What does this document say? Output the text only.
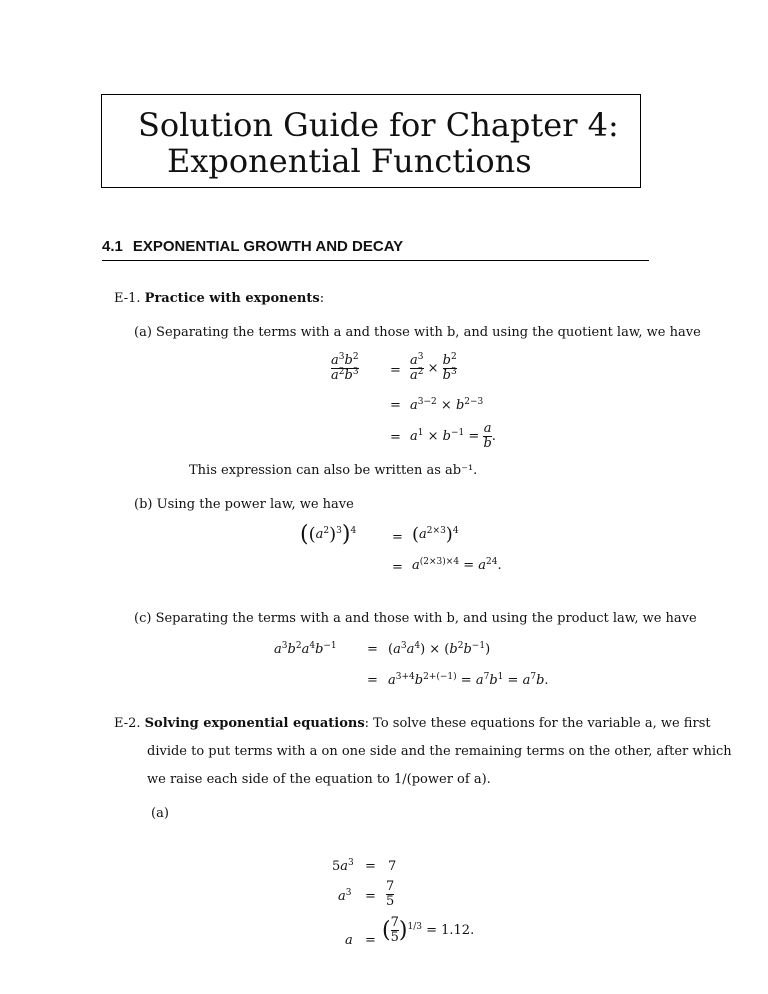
Solution Guide for Chapter 4:
Exponential Functions
4.1 EXPONENTIAL GROWTH AND DECAY
E-1. Practice with exponents:
(a) Separating the terms with a and those with b, and using the quotient law, we have
$\frac{a^3b^2}{a^2b^3} = \frac{a^3}{a^2} \times \frac{b^2}{b^3}$
= $a^{3-2} \times b^{2-3}$
= $a^1 \times b^{-1} = \frac{a}{b}$ .
This expression can also be written as ab⁻¹.
(b) Using the power law, we have
$((a^2)^3)^4$	= $(a^{2\times 3})^4$
= $a^{(2\times 3)\times 4} = a^{24}$.
(c) Separating the terms with a and those with b, and using the product law, we have
$a^3b^2a^4b^{-1} = (a^3a^4) \times (b^2b^{-1})$
= $a^{3+4}b^{2+(-1)} = a^7b^1 = a^7b$.
E-2. Solving exponential equations: To solve these equations for the variable a, we first
divide to put terms with a on one side and the remaining terms on the other, after which
we raise each side of the equation to 1/(power of a).
(a)
$5a^3 = 7$
$a^3 = \frac{7}{5}$
a = ( $\frac{7}{5} )^{1/3} = 1.12$.
